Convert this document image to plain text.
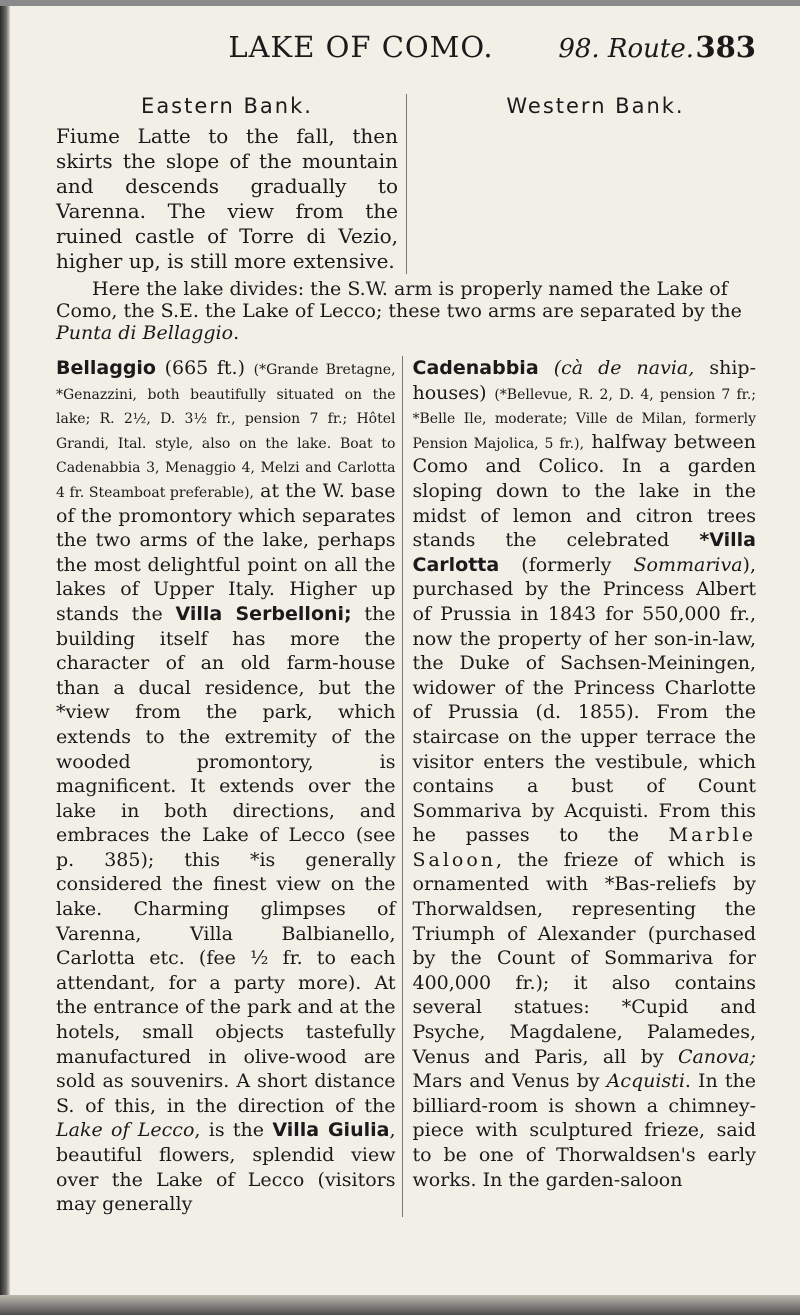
LAKE OF COMO.	98. Route. 383
Eastern Bank.
Fiume Latte to the fall, then skirts the slope of the mountain and descends gradually to Varenna. The view from the ruined castle of Torre di Vezio, higher up, is still more extensive.
Western Bank.
Here the lake divides: the S.W. arm is properly named the Lake of Como, the S.E. the Lake of Lecco; these two arms are separated by the Punta di Bellaggio.
Bellaggio (665 ft.) (*Grande Bretagne, *Genazzini, both beautifully situated on the lake; R. 2½, D. 3½ fr., pension 7 fr.; Hôtel Grandi, Ital. style, also on the lake. Boat to Cadenabbia 3, Menaggio 4, Melzi and Carlotta 4 fr. Steamboat preferable), at the W. base of the promontory which separates the two arms of the lake, perhaps the most delightful point on all the lakes of Upper Italy. Higher up stands the Villa Serbelloni; the building itself has more the character of an old farm-house than a ducal residence, but the *view from the park, which extends to the extremity of the wooded promontory, is magnificent. It extends over the lake in both directions, and embraces the Lake of Lecco (see p. 385); this *is generally considered the finest view on the lake. Charming glimpses of Varenna, Villa Balbianello, Carlotta etc. (fee ½ fr. to each attendant, for a party more). At the entrance of the park and at the hotels, small objects tastefully manufactured in olive-wood are sold as souvenirs. A short distance S. of this, in the direction of the Lake of Lecco, is the Villa Giulia, beautiful flowers, splendid view over the Lake of Lecco (visitors may generally
Cadenabbia (cà de navia, ship-houses) (*Bellevue, R. 2, D. 4, pension 7 fr.; *Belle Ile, moderate; Ville de Milan, formerly Pension Majolica, 5 fr.), halfway between Como and Colico. In a garden sloping down to the lake in the midst of lemon and citron trees stands the celebrated *Villa Carlotta (formerly Sommariva), purchased by the Princess Albert of Prussia in 1843 for 550,000 fr., now the property of her son-in-law, the Duke of Sachsen-Meiningen, widower of the Princess Charlotte of Prussia (d. 1855). From the staircase on the upper terrace the visitor enters the vestibule, which contains a bust of Count Sommariva by Acquisti. From this he passes to the Marble Saloon, the frieze of which is ornamented with *Bas-reliefs by Thorwaldsen, representing the Triumph of Alexander (purchased by the Count of Sommariva for 400,000 fr.); it also contains several statues: *Cupid and Psyche, Magdalene, Palamedes, Venus and Paris, all by Canova; Mars and Venus by Acquisti. In the billiard-room is shown a chimney-piece with sculptured frieze, said to be one of Thorwaldsen's early works. In the garden-saloon
